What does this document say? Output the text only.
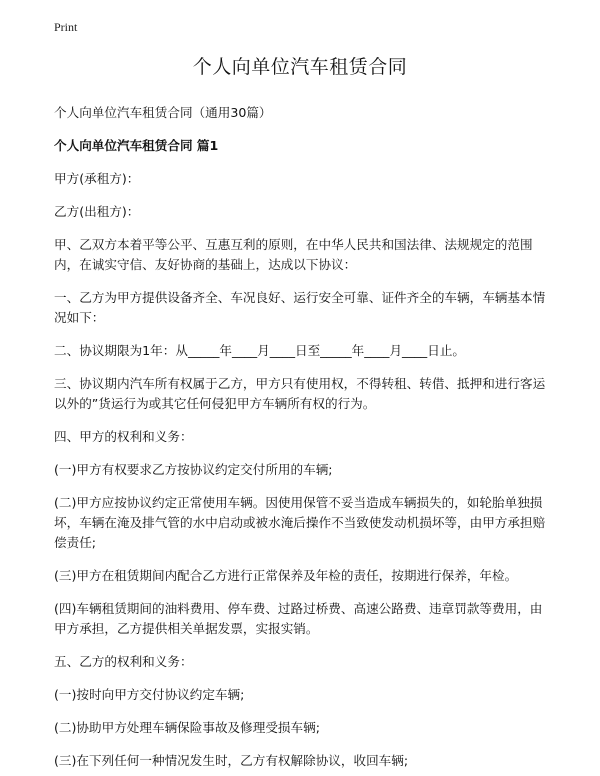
Print
个人向单位汽车租赁合同

个人向单位汽车租赁合同（通用30篇）

个人向单位汽车租赁合同 篇1

甲方(承租方)：

乙方(出租方)：

甲、乙双方本着平等公平、互惠互利的原则，在中华人民共和国法律、法规规定的范围内，在诚实守信、友好协商的基础上，达成以下协议：

一、乙方为甲方提供设备齐全、车况良好、运行安全可靠、证件齐全的车辆，车辆基本情况如下：

二、协议期限为1年：从_____年____月____日至_____年____月____日止。

三、协议期内汽车所有权属于乙方，甲方只有使用权，不得转租、转借、抵押和进行客运以外的”货运行为或其它任何侵犯甲方车辆所有权的行为。

四、甲方的权利和义务：

(一)甲方有权要求乙方按协议约定交付所用的车辆;

(二)甲方应按协议约定正常使用车辆。因使用保管不妥当造成车辆损失的，如轮胎单独损坏，车辆在淹及排气管的水中启动或被水淹后操作不当致使发动机损坏等，由甲方承担赔偿责任;

(三)甲方在租赁期间内配合乙方进行正常保养及年检的责任，按期进行保养，年检。

(四)车辆租赁期间的油料费用、停车费、过路过桥费、高速公路费、违章罚款等费用，由甲方承担，乙方提供相关单据发票，实报实销。

五、乙方的权利和义务：

(一)按时向甲方交付协议约定车辆;

(二)协助甲方处理车辆保险事故及修理受损车辆;

(三)在下列任何一种情况发生时，乙方有权解除协议，收回车辆;
